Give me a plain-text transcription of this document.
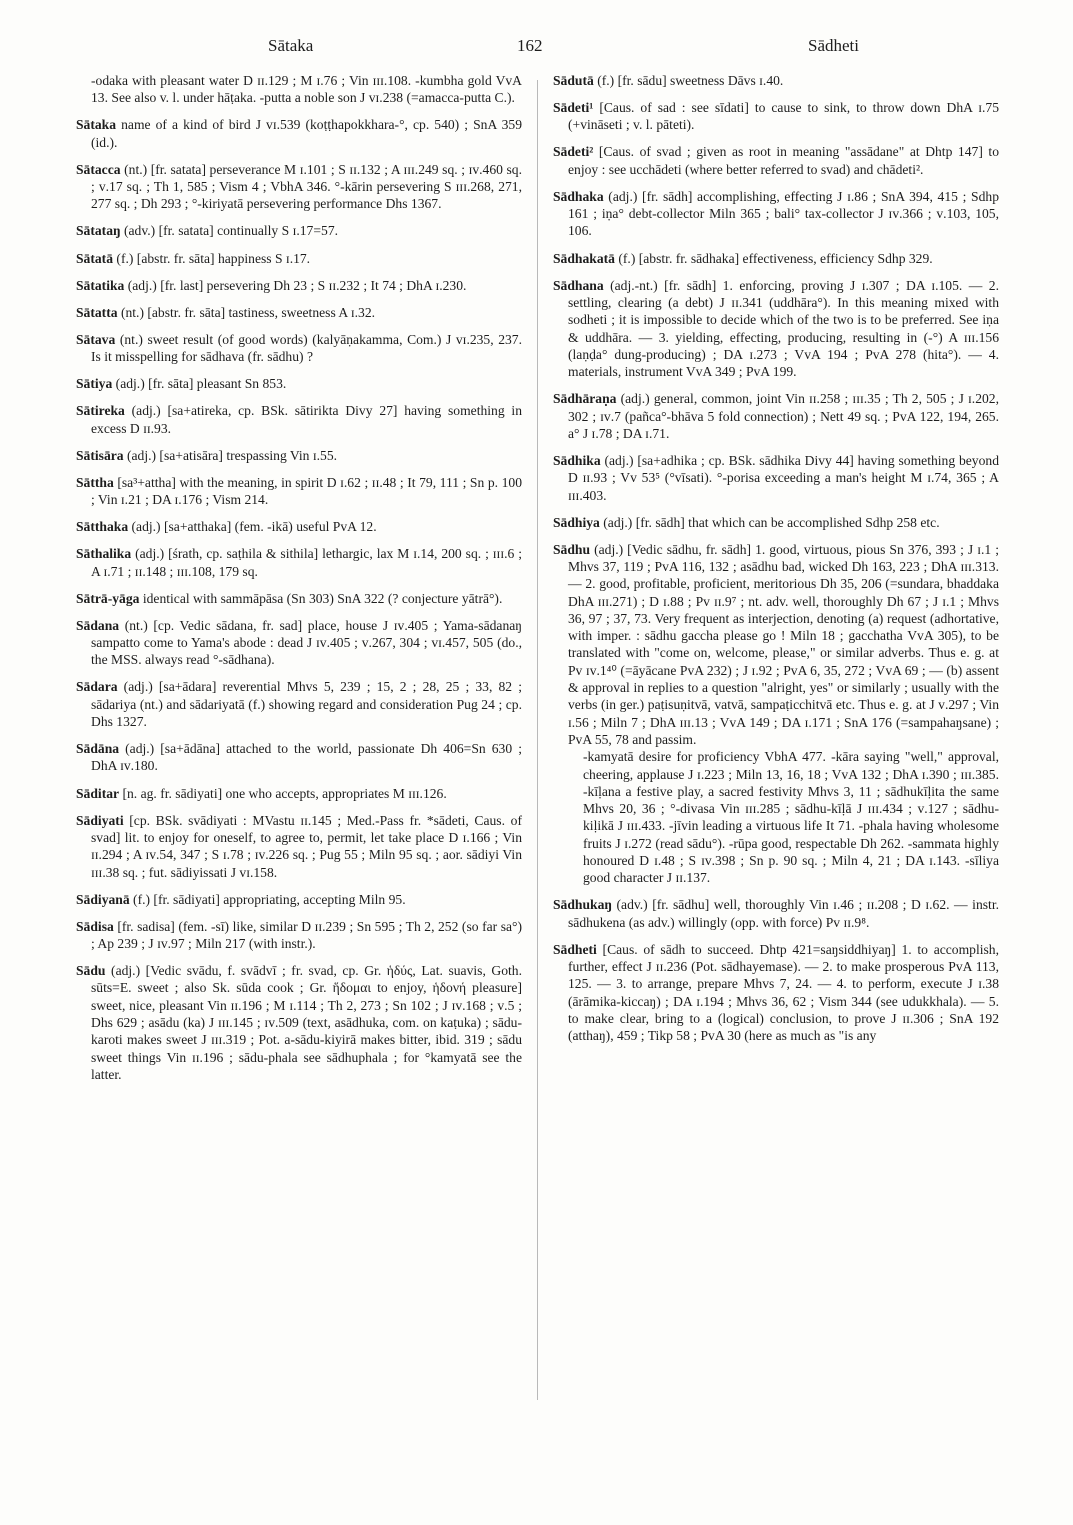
Sātaka	162	Sādheti
-odaka with pleasant water D ɪɪ.129 ; M ɪ.76 ; Vin ɪɪɪ.108. -kumbha gold VvA 13. See also v. l. under hāṭaka. -putta a noble son J ᴠɪ.238 (=amacca-putta C.).
Sātaka name of a kind of bird J ᴠɪ.539 (koṭṭhapokkhara-°, cp. 540) ; SnA 359 (id.).
Sātacca (nt.) [fr. satata] perseverance M ɪ.101 ; S ɪɪ.132 ; A ɪɪɪ.249 sq. ; ɪᴠ.460 sq. ; ᴠ.17 sq. ; Th 1, 585 ; Vism 4 ; VbhA 346. °-kārin persevering S ɪɪɪ.268, 271, 277 sq. ; Dh 293 ; °-kiriyatā persevering performance Dhs 1367.
Sātataŋ (adv.) [fr. satata] continually S ɪ.17=57.
Sātatā (f.) [abstr. fr. sāta] happiness S ɪ.17.
Sātatika (adj.) [fr. last] persevering Dh 23 ; S ɪɪ.232 ; It 74 ; DhA ɪ.230.
Sātatta (nt.) [abstr. fr. sāta] tastiness, sweetness A ɪ.32.
Sātava (nt.) sweet result (of good words) (kalyāṇakamma, Com.) J ᴠɪ.235, 237. Is it misspelling for sādhava (fr. sādhu) ?
Sātiya (adj.) [fr. sāta] pleasant Sn 853.
Sātireka (adj.) [sa+atireka, cp. BSk. sātirikta Divy 27] having something in excess D ɪɪ.93.
Sātisāra (adj.) [sa+atisāra] trespassing Vin ɪ.55.
Sāttha [sa³+attha] with the meaning, in spirit D ɪ.62 ; ɪɪ.48 ; It 79, 111 ; Sn p. 100 ; Vin ɪ.21 ; DA ɪ.176 ; Vism 214.
Sātthaka (adj.) [sa+atthaka] (fem. -ikā) useful PvA 12.
Sāthalika (adj.) [śrath, cp. saṭhila & sithila] lethargic, lax M ɪ.14, 200 sq. ; ɪɪɪ.6 ; A ɪ.71 ; ɪɪ.148 ; ɪɪɪ.108, 179 sq.
Sātrā-yāga identical with sammāpāsa (Sn 303) SnA 322 (? conjecture yātrā°).
Sādana (nt.) [cp. Vedic sādana, fr. sad] place, house J ɪᴠ.405 ; Yama-sādanaŋ sampatto come to Yama's abode : dead J ɪᴠ.405 ; ᴠ.267, 304 ; ᴠɪ.457, 505 (do., the MSS. always read °-sādhana).
Sādara (adj.) [sa+ādara] reverential Mhvs 5, 239 ; 15, 2 ; 28, 25 ; 33, 82 ; sādariya (nt.) and sādariyatā (f.) showing regard and consideration Pug 24 ; cp. Dhs 1327.
Sādāna (adj.) [sa+ādāna] attached to the world, passionate Dh 406=Sn 630 ; DhA ɪᴠ.180.
Sāditar [n. ag. fr. sādiyati] one who accepts, appropriates M ɪɪɪ.126.
Sādiyati [cp. BSk. svādiyati : MVastu ɪɪ.145 ; Med.-Pass fr. *sādeti, Caus. of svad] lit. to enjoy for oneself, to agree to, permit, let take place D ɪ.166 ; Vin ɪɪ.294 ; A ɪᴠ.54, 347 ; S ɪ.78 ; ɪᴠ.226 sq. ; Pug 55 ; Miln 95 sq. ; aor. sādiyi Vin ɪɪɪ.38 sq. ; fut. sādiyissati J ᴠɪ.158.
Sādiyanā (f.) [fr. sādiyati] appropriating, accepting Miln 95.
Sādisa [fr. sadisa] (fem. -sī) like, similar D ɪɪ.239 ; Sn 595 ; Th 2, 252 (so far sa°) ; Ap 239 ; J ɪᴠ.97 ; Miln 217 (with instr.).
Sādu (adj.) [Vedic svādu, f. svādvī ; fr. svad, cp. Gr. ἡδύς, Lat. suavis, Goth. sūts=E. sweet ; also Sk. sūda cook ; Gr. ἥδομαι to enjoy, ἡδονή pleasure] sweet, nice, pleasant Vin ɪɪ.196 ; M ɪ.114 ; Th 2, 273 ; Sn 102 ; J ɪᴠ.168 ; ᴠ.5 ; Dhs 629 ; asādu (ka) J ɪɪɪ.145 ; ɪᴠ.509 (text, asādhuka, com. on kaṭuka) ; sādu-karoti makes sweet J ɪɪɪ.319 ; Pot. a-sādu-kiyirā makes bitter, ibid. 319 ; sādu sweet things Vin ɪɪ.196 ; sādu-phala see sādhuphala ; for °kamyatā see the latter.
Sādutā (f.) [fr. sādu] sweetness Dāvs ɪ.40.
Sādeti¹ [Caus. of sad : see sīdati] to cause to sink, to throw down DhA ɪ.75 (+vināseti ; v. l. pāteti).
Sādeti² [Caus. of svad ; given as root in meaning "assādane" at Dhtp 147] to enjoy : see ucchādeti (where better referred to svad) and chādeti².
Sādhaka (adj.) [fr. sādh] accomplishing, effecting J ɪ.86 ; SnA 394, 415 ; Sdhp 161 ; iṇa° debt-collector Miln 365 ; bali° tax-collector J ɪᴠ.366 ; ᴠ.103, 105, 106.
Sādhakatā (f.) [abstr. fr. sādhaka] effectiveness, efficiency Sdhp 329.
Sādhana (adj.-nt.) [fr. sādh] 1. enforcing, proving J ɪ.307 ; DA ɪ.105. — 2. settling, clearing (a debt) J ɪɪ.341 (uddhāra°). In this meaning mixed with sodheti ; it is impossible to decide which of the two is to be preferred. See iṇa & uddhāra. — 3. yielding, effecting, producing, resulting in (-°) A ɪɪɪ.156 (laṇḍa° dung-producing) ; DA ɪ.273 ; VvA 194 ; PvA 278 (hita°). — 4. materials, instrument VvA 349 ; PvA 199.
Sādhāraṇa (adj.) general, common, joint Vin ɪɪ.258 ; ɪɪɪ.35 ; Th 2, 505 ; J ɪ.202, 302 ; ɪᴠ.7 (pañca°-bhāva 5 fold connection) ; Nett 49 sq. ; PvA 122, 194, 265. a° J ɪ.78 ; DA ɪ.71.
Sādhika (adj.) [sa+adhika ; cp. BSk. sādhika Divy 44] having something beyond D ɪɪ.93 ; Vv 53⁵ (°vīsati). °-porisa exceeding a man's height M ɪ.74, 365 ; A ɪɪɪ.403.
Sādhiya (adj.) [fr. sādh] that which can be accomplished Sdhp 258 etc.
Sādhu (adj.) [Vedic sādhu, fr. sādh] 1. good, virtuous, pious Sn 376, 393 ; J ɪ.1 ; Mhvs 37, 119 ; PvA 116, 132 ; asādhu bad, wicked Dh 163, 223 ; DhA ɪɪɪ.313. — 2. good, profitable, proficient, meritorious Dh 35, 206 (=sundara, bhaddaka DhA ɪɪɪ.271) ; D ɪ.88 ; Pv ɪɪ.9⁷ ; nt. adv. well, thoroughly Dh 67 ; J ɪ.1 ; Mhvs 36, 97 ; 37, 73. Very frequent as interjection, denoting (a) request (adhortative, with imper. : sādhu gaccha please go ! Miln 18 ; gacchatha VvA 305), to be translated with "come on, welcome, please," or similar adverbs. Thus e. g. at Pv ɪᴠ.1⁴⁰ (=āyācane PvA 232) ; J ɪ.92 ; PvA 6, 35, 272 ; VvA 69 ; — (b) assent & approval in replies to a question "alright, yes" or similarly ; usually with the verbs (in ger.) paṭisuṇitvā, vatvā, sampaṭicchitvā etc. Thus e. g. at J ᴠ.297 ; Vin ɪ.56 ; Miln 7 ; DhA ɪɪɪ.13 ; VvA 149 ; DA ɪ.171 ; SnA 176 (=sampahaŋsane) ; PvA 55, 78 and passim.
-kamyatā desire for proficiency VbhA 477. -kāra saying "well," approval, cheering, applause J ɪ.223 ; Miln 13, 16, 18 ; VvA 132 ; DhA ɪ.390 ; ɪɪɪ.385. -kīḷana a festive play, a sacred festivity Mhvs 3, 11 ; sādhukīḷita the same Mhvs 20, 36 ; °-divasa Vin ɪɪɪ.285 ; sādhu-kīḷā J ɪɪɪ.434 ; ᴠ.127 ; sādhu-kiḷikā J ɪɪɪ.433. -jīvin leading a virtuous life It 71. -phala having wholesome fruits J ɪ.272 (read sādu°). -rūpa good, respectable Dh 262. -sammata highly honoured D ɪ.48 ; S ɪᴠ.398 ; Sn p. 90 sq. ; Miln 4, 21 ; DA ɪ.143. -sīliya good character J ɪɪ.137.
Sādhukaŋ (adv.) [fr. sādhu] well, thoroughly Vin ɪ.46 ; ɪɪ.208 ; D ɪ.62. — instr. sādhukena (as adv.) willingly (opp. with force) Pv ɪɪ.9⁸.
Sādheti [Caus. of sādh to succeed. Dhtp 421=saŋsiddhiyaŋ] 1. to accomplish, further, effect J ɪɪ.236 (Pot. sādhayemase). — 2. to make prosperous PvA 113, 125. — 3. to arrange, prepare Mhvs 7, 24. — 4. to perform, execute J ɪ.38 (ārāmika-kiccaŋ) ; DA ɪ.194 ; Mhvs 36, 62 ; Vism 344 (see udukkhala). — 5. to make clear, bring to a (logical) conclusion, to prove J ɪɪ.306 ; SnA 192 (atthaŋ), 459 ; Tikp 58 ; PvA 30 (here as much as "is any
